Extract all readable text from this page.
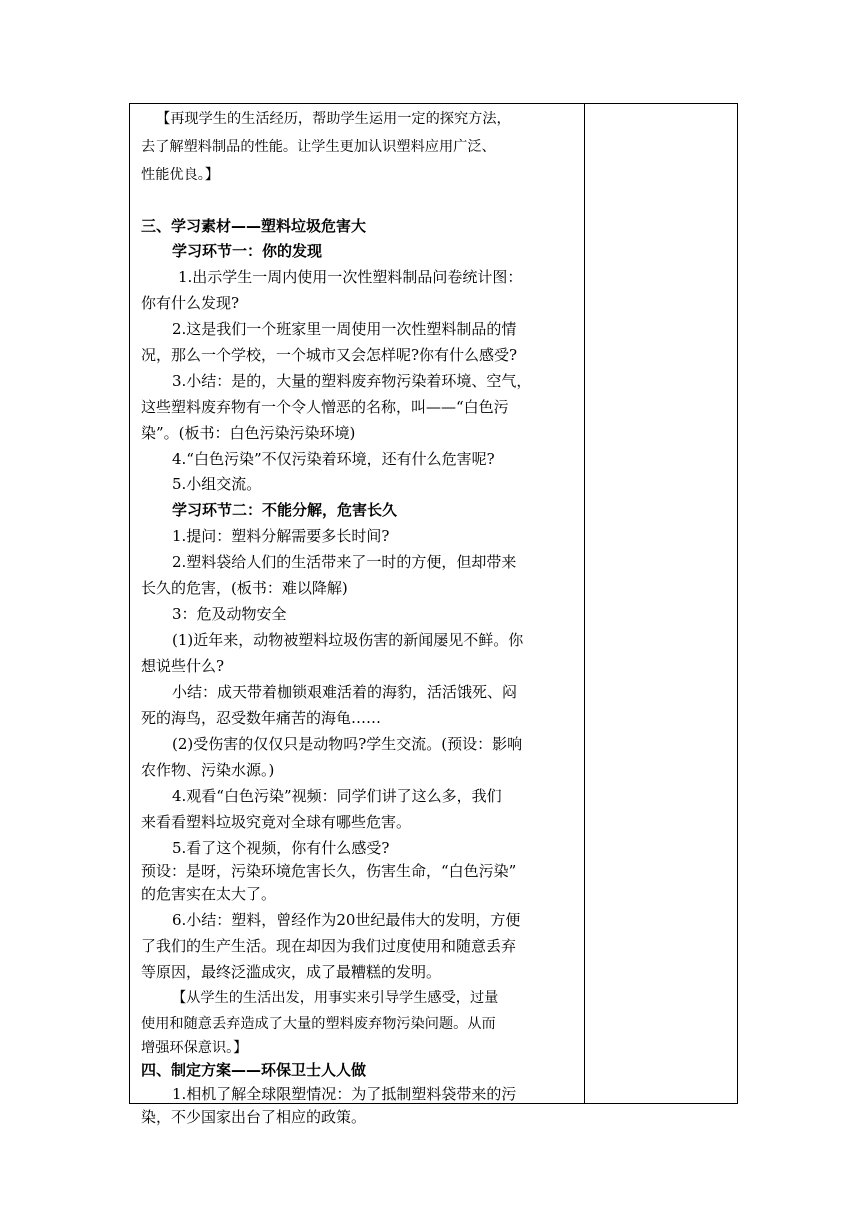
【再现学生的生活经历，帮助学生运用一定的探究方法，
去了解塑料制品的性能。让学生更加认识塑料应用广泛、
性能优良。】
三、学习素材——塑料垃圾危害大
学习环节一：你的发现
1.出示学生一周内使用一次性塑料制品问卷统计图：
你有什么发现?
2.这是我们一个班家里一周使用一次性塑料制品的情
况，那么一个学校，一个城市又会怎样呢?你有什么感受?
3.小结：是的，大量的塑料废弃物污染着环境、空气，
这些塑料废弃物有一个令人憎恶的名称，叫——“白色污
染”。(板书：白色污染污染环境)
4.“白色污染”不仅污染着环境，还有什么危害呢?
5.小组交流。
学习环节二：不能分解，危害长久
1.提问：塑料分解需要多长时间?
2.塑料袋给人们的生活带来了一时的方便，但却带来
长久的危害，(板书：难以降解)
3：危及动物安全
(1)近年来，动物被塑料垃圾伤害的新闻屡见不鲜。你
想说些什么?
小结：成天带着枷锁艰难活着的海豹，活活饿死、闷
死的海鸟，忍受数年痛苦的海龟……
(2)受伤害的仅仅只是动物吗?学生交流。(预设：影响
农作物、污染水源。)
4.观看“白色污染”视频：同学们讲了这么多，我们
来看看塑料垃圾究竟对全球有哪些危害。
5.看了这个视频，你有什么感受?
预设：是呀，污染环境危害长久，伤害生命，“白色污染”
的危害实在太大了。
6.小结：塑料，曾经作为20世纪最伟大的发明，方便
了我们的生产生活。现在却因为我们过度使用和随意丢弃
等原因，最终泛滥成灾，成了最糟糕的发明。
【从学生的生活出发，用事实来引导学生感受，过量
使用和随意丢弃造成了大量的塑料废弃物污染问题。从而
增强环保意识。】
四、制定方案——环保卫士人人做
1.相机了解全球限塑情况：为了抵制塑料袋带来的污
染，不少国家出台了相应的政策。
